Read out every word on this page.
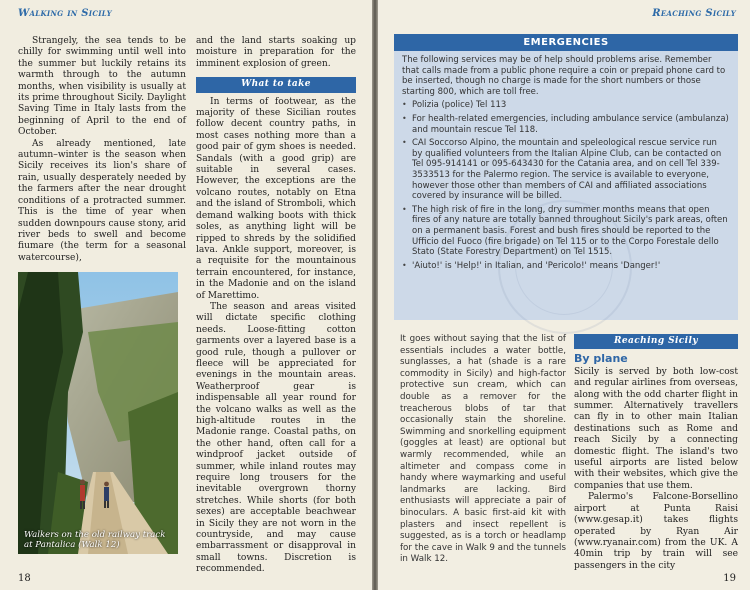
Walking in Sicily

Strangely, the sea tends to be chilly for swimming until well into the summer but luckily retains its warmth through to the autumn months, when visibility is usually at its prime throughout Sicily. Daylight Saving Time in Italy lasts from the beginning of April to the end of October.

As already mentioned, late autumn–winter is the season when Sicily receives its lion's share of rain, usually desperately needed by the farmers after the near drought conditions of a protracted summer. This is the time of year when sudden downpours cause stony, arid river beds to swell and become fiumare (the term for a seasonal watercourse),

and the land starts soaking up moisture in preparation for the imminent explosion of green.

What to take

In terms of footwear, as the majority of these Sicilian routes follow decent country paths, in most cases nothing more than a good pair of gym shoes is needed. Sandals (with a good grip) are suitable in several cases. However, the exceptions are the volcano routes, notably on Etna and the island of Stromboli, which demand walking boots with thick soles, as anything light will be ripped to shreds by the solidified lava. Ankle support, moreover, is a requisite for the mountainous terrain encountered, for instance, in the Madonie and on the island of Marettimo.

The season and areas visited will dictate specific clothing needs. Loose-fitting cotton garments over a layered base is a good rule, though a pullover or fleece will be appreciated for evenings in the mountain areas. Weatherproof gear is indispensable all year round for the volcano walks as well as the high-altitude routes in the Madonie range. Coastal paths, on the other hand, often call for a windproof jacket outside of summer, while inland routes may require long trousers for the inevitable overgrown thorny stretches. While shorts (for both sexes) are acceptable beachwear in Sicily they are not worn in the countryside, and may cause embarrassment or disapproval in small towns. Discretion is recommended.

Walkers on the old railway track at Pantalica (Walk 12)
18
Reaching Sicily
EMERGENCIES
The following services may be of help should problems arise. Remember that calls made from a public phone require a coin or prepaid phone card to be inserted, though no charge is made for the short numbers or those starting 800, which are toll free.
• Polizia (police) Tel 113
• For health-related emergencies, including ambulance service (ambulanza) and mountain rescue Tel 118.
• CAI Soccorso Alpino, the mountain and speleological rescue service run by qualified volunteers from the Italian Alpine Club, can be contacted on Tel 095-914141 or 095-643430 for the Catania area, and on cell Tel 339-3533513 for the Palermo region. The service is available to everyone, however those other than members of CAI and affiliated associations covered by insurance will be billed.
• The high risk of fire in the long, dry summer months means that open fires of any nature are totally banned throughout Sicily's park areas, often on a permanent basis. Forest and bush fires should be reported to the Ufficio del Fuoco (fire brigade) on Tel 115 or to the Corpo Forestale dello Stato (State Forestry Department) on Tel 1515.
• 'Aiuto!' is 'Help!' in Italian, and 'Pericolo!' means 'Danger!'

It goes without saying that the list of essentials includes a water bottle, sunglasses, a hat (shade is a rare commodity in Sicily) and high-factor protective sun cream, which can double as a remover for the treacherous blobs of tar that occasionally stain the shoreline. Swimming and snorkelling equipment (goggles at least) are optional but warmly recommended, while an altimeter and compass come in handy where waymarking and useful landmarks are lacking. Bird enthusiasts will appreciate a pair of binoculars. A basic first-aid kit with plasters and insect repellent is suggested, as is a torch or headlamp for the cave in Walk 9 and the tunnels in Walk 12.

Reaching Sicily
By plane

Sicily is served by both low-cost and regular airlines from overseas, along with the odd charter flight in summer. Alternatively travellers can fly in to other main Italian destinations such as Rome and reach Sicily by a connecting domestic flight. The island's two useful airports are listed below with their websites, which give the companies that use them.

Palermo's Falcone-Borsellino airport at Punta Raisi (www.gesap.it) takes flights operated by Ryan Air (www.ryanair.com) from the UK. A 40min trip by train will see passengers in the city

19
